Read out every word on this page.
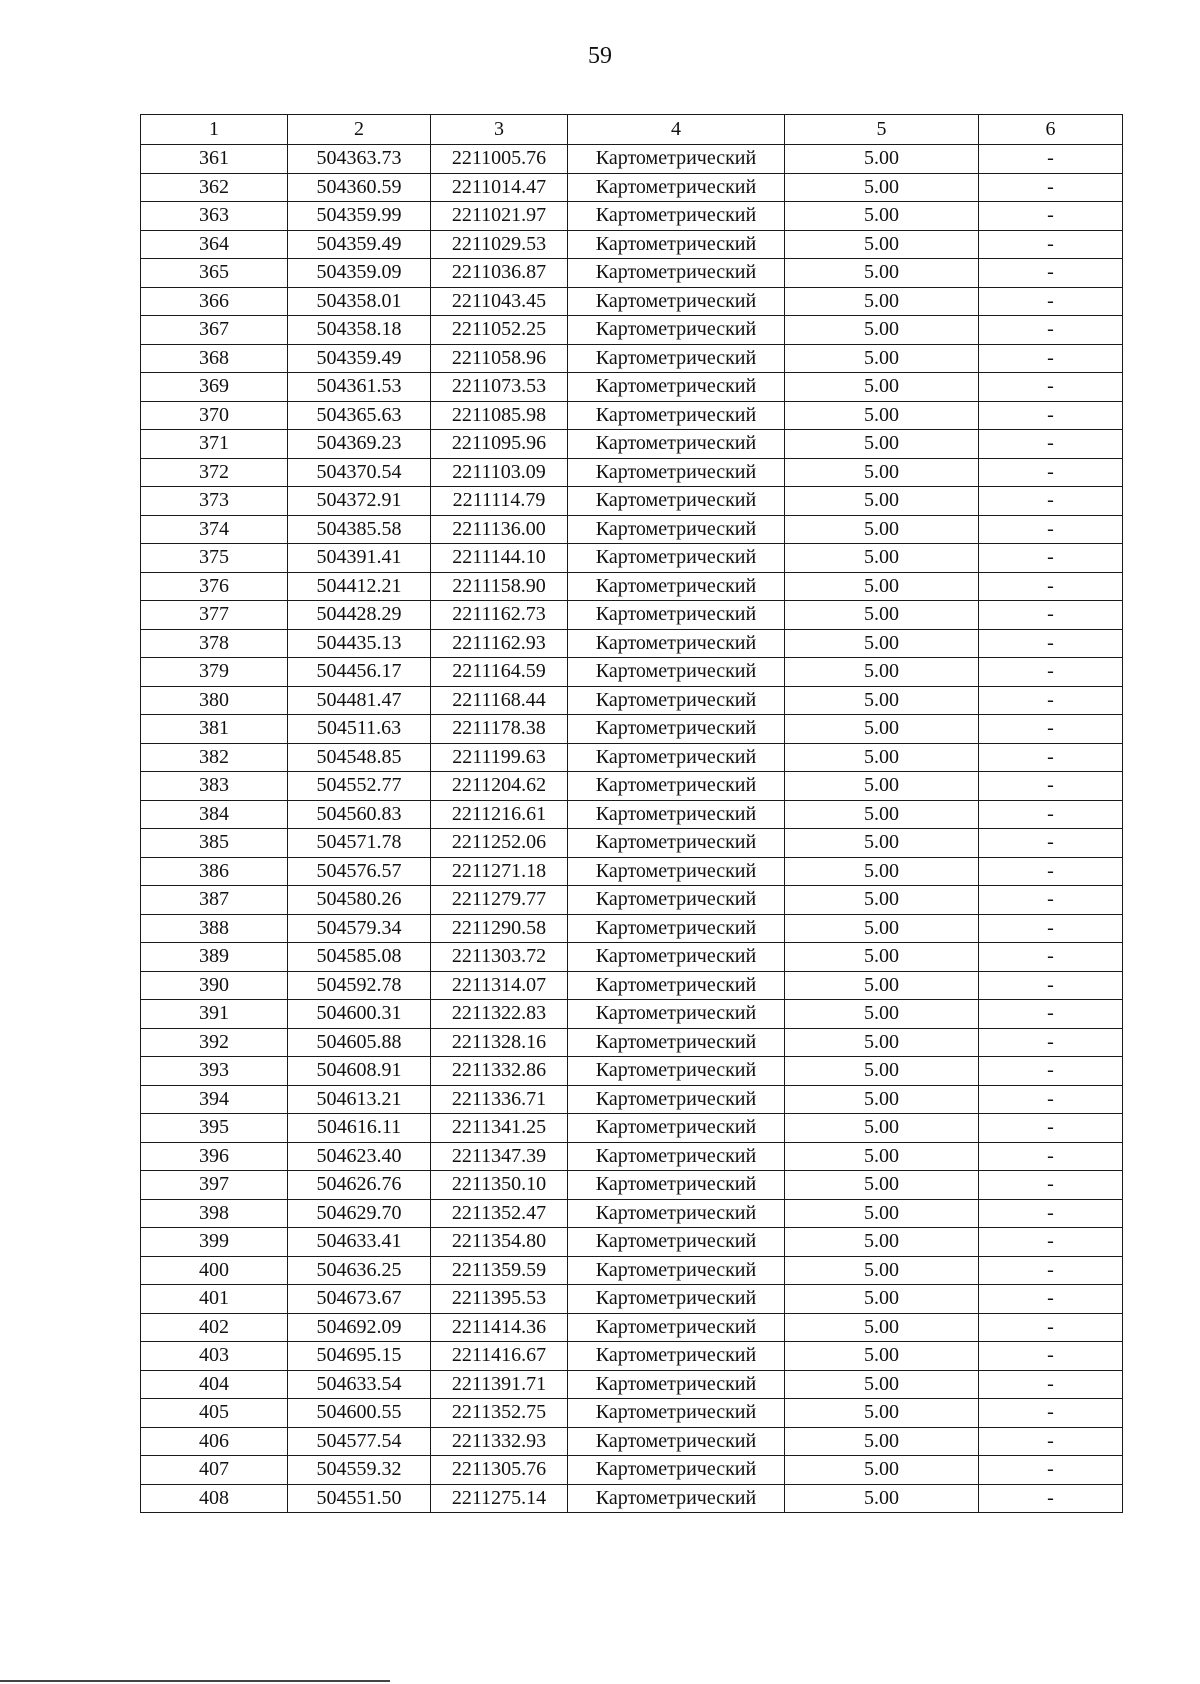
59
1	2	3	4	5	6
361	504363.73	2211005.76	Картометрический	5.00	-
362	504360.59	2211014.47	Картометрический	5.00	-
363	504359.99	2211021.97	Картометрический	5.00	-
364	504359.49	2211029.53	Картометрический	5.00	-
365	504359.09	2211036.87	Картометрический	5.00	-
366	504358.01	2211043.45	Картометрический	5.00	-
367	504358.18	2211052.25	Картометрический	5.00	-
368	504359.49	2211058.96	Картометрический	5.00	-
369	504361.53	2211073.53	Картометрический	5.00	-
370	504365.63	2211085.98	Картометрический	5.00	-
371	504369.23	2211095.96	Картометрический	5.00	-
372	504370.54	2211103.09	Картометрический	5.00	-
373	504372.91	2211114.79	Картометрический	5.00	-
374	504385.58	2211136.00	Картометрический	5.00	-
375	504391.41	2211144.10	Картометрический	5.00	-
376	504412.21	2211158.90	Картометрический	5.00	-
377	504428.29	2211162.73	Картометрический	5.00	-
378	504435.13	2211162.93	Картометрический	5.00	-
379	504456.17	2211164.59	Картометрический	5.00	-
380	504481.47	2211168.44	Картометрический	5.00	-
381	504511.63	2211178.38	Картометрический	5.00	-
382	504548.85	2211199.63	Картометрический	5.00	-
383	504552.77	2211204.62	Картометрический	5.00	-
384	504560.83	2211216.61	Картометрический	5.00	-
385	504571.78	2211252.06	Картометрический	5.00	-
386	504576.57	2211271.18	Картометрический	5.00	-
387	504580.26	2211279.77	Картометрический	5.00	-
388	504579.34	2211290.58	Картометрический	5.00	-
389	504585.08	2211303.72	Картометрический	5.00	-
390	504592.78	2211314.07	Картометрический	5.00	-
391	504600.31	2211322.83	Картометрический	5.00	-
392	504605.88	2211328.16	Картометрический	5.00	-
393	504608.91	2211332.86	Картометрический	5.00	-
394	504613.21	2211336.71	Картометрический	5.00	-
395	504616.11	2211341.25	Картометрический	5.00	-
396	504623.40	2211347.39	Картометрический	5.00	-
397	504626.76	2211350.10	Картометрический	5.00	-
398	504629.70	2211352.47	Картометрический	5.00	-
399	504633.41	2211354.80	Картометрический	5.00	-
400	504636.25	2211359.59	Картометрический	5.00	-
401	504673.67	2211395.53	Картометрический	5.00	-
402	504692.09	2211414.36	Картометрический	5.00	-
403	504695.15	2211416.67	Картометрический	5.00	-
404	504633.54	2211391.71	Картометрический	5.00	-
405	504600.55	2211352.75	Картометрический	5.00	-
406	504577.54	2211332.93	Картометрический	5.00	-
407	504559.32	2211305.76	Картометрический	5.00	-
408	504551.50	2211275.14	Картометрический	5.00	-
